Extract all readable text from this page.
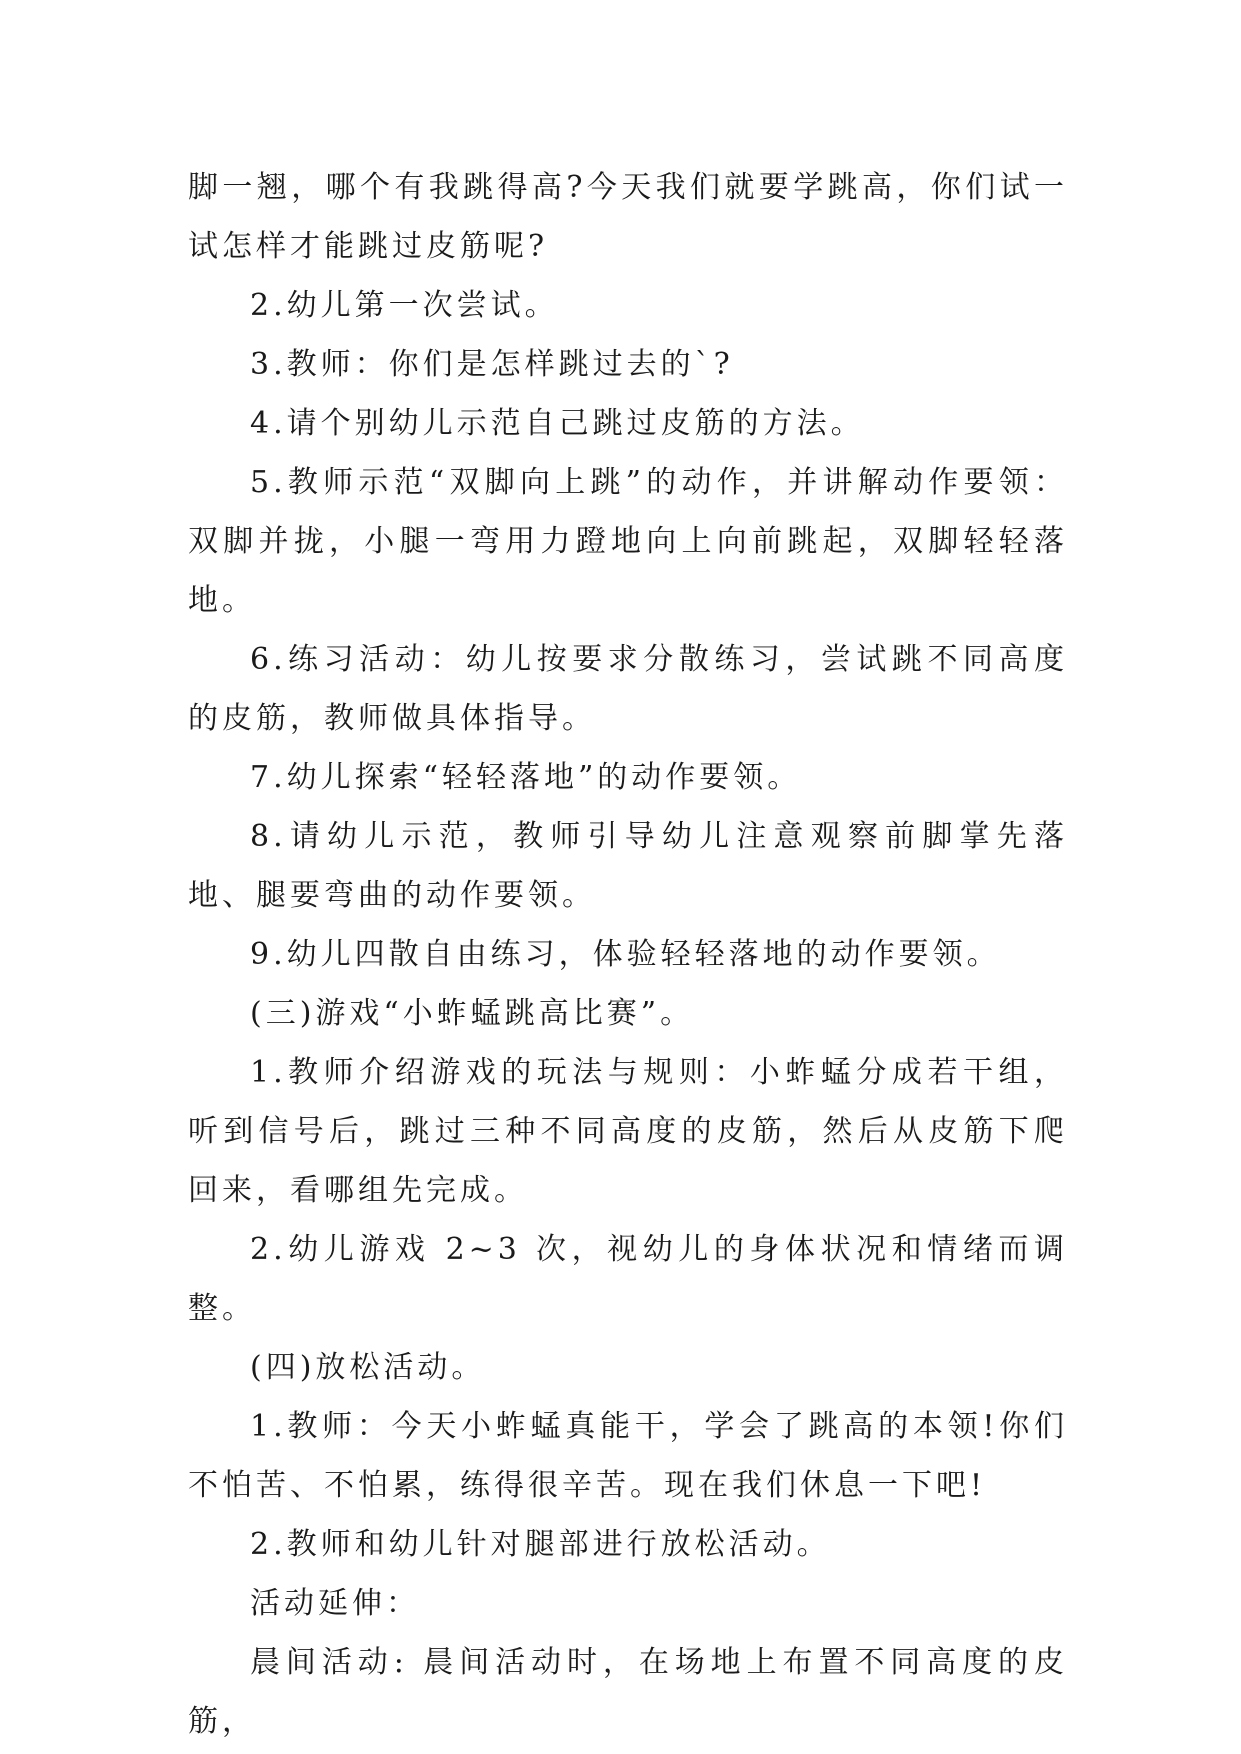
脚一翘，哪个有我跳得高?今天我们就要学跳高，你们试一试怎样才能跳过皮筋呢?

2.幼儿第一次尝试。

3.教师：你们是怎样跳过去的`?

4.请个别幼儿示范自己跳过皮筋的方法。

5.教师示范“双脚向上跳”的动作，并讲解动作要领：双脚并拢，小腿一弯用力蹬地向上向前跳起，双脚轻轻落地。

6.练习活动：幼儿按要求分散练习，尝试跳不同高度的皮筋，教师做具体指导。

7.幼儿探索“轻轻落地”的动作要领。

8.请幼儿示范，教师引导幼儿注意观察前脚掌先落地、腿要弯曲的动作要领。

9.幼儿四散自由练习，体验轻轻落地的动作要领。

(三)游戏“小蚱蜢跳高比赛”。

1.教师介绍游戏的玩法与规则：小蚱蜢分成若干组，听到信号后，跳过三种不同高度的皮筋，然后从皮筋下爬回来，看哪组先完成。

2.幼儿游戏 2~3 次，视幼儿的身体状况和情绪而调整。

(四)放松活动。

1.教师：今天小蚱蜢真能干，学会了跳高的本领!你们不怕苦、不怕累，练得很辛苦。现在我们休息一下吧!

2.教师和幼儿针对腿部进行放松活动。

活动延伸：

晨间活动: 晨间活动时，在场地上布置不同高度的皮筋，
